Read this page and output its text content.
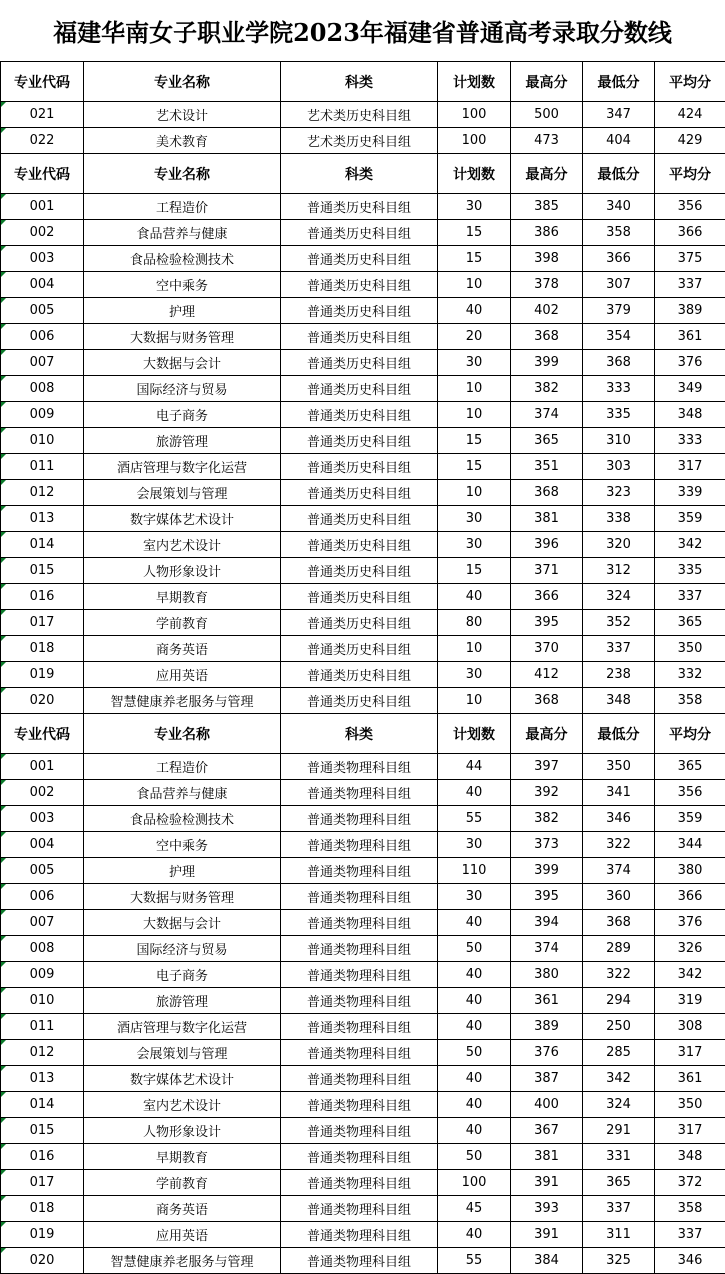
福建华南女子职业学院2023年福建省普通高考录取分数线
专业代码	专业名称	科类	计划数	最高分	最低分	平均分
021	艺术设计	艺术类历史科目组	100	500	347	424
022	美术教育	艺术类历史科目组	100	473	404	429
专业代码	专业名称	科类	计划数	最高分	最低分	平均分
001	工程造价	普通类历史科目组	30	385	340	356
002	食品营养与健康	普通类历史科目组	15	386	358	366
003	食品检验检测技术	普通类历史科目组	15	398	366	375
004	空中乘务	普通类历史科目组	10	378	307	337
005	护理	普通类历史科目组	40	402	379	389
006	大数据与财务管理	普通类历史科目组	20	368	354	361
007	大数据与会计	普通类历史科目组	30	399	368	376
008	国际经济与贸易	普通类历史科目组	10	382	333	349
009	电子商务	普通类历史科目组	10	374	335	348
010	旅游管理	普通类历史科目组	15	365	310	333
011	酒店管理与数字化运营	普通类历史科目组	15	351	303	317
012	会展策划与管理	普通类历史科目组	10	368	323	339
013	数字媒体艺术设计	普通类历史科目组	30	381	338	359
014	室内艺术设计	普通类历史科目组	30	396	320	342
015	人物形象设计	普通类历史科目组	15	371	312	335
016	早期教育	普通类历史科目组	40	366	324	337
017	学前教育	普通类历史科目组	80	395	352	365
018	商务英语	普通类历史科目组	10	370	337	350
019	应用英语	普通类历史科目组	30	412	238	332
020	智慧健康养老服务与管理	普通类历史科目组	10	368	348	358
专业代码	专业名称	科类	计划数	最高分	最低分	平均分
001	工程造价	普通类物理科目组	44	397	350	365
002	食品营养与健康	普通类物理科目组	40	392	341	356
003	食品检验检测技术	普通类物理科目组	55	382	346	359
004	空中乘务	普通类物理科目组	30	373	322	344
005	护理	普通类物理科目组	110	399	374	380
006	大数据与财务管理	普通类物理科目组	30	395	360	366
007	大数据与会计	普通类物理科目组	40	394	368	376
008	国际经济与贸易	普通类物理科目组	50	374	289	326
009	电子商务	普通类物理科目组	40	380	322	342
010	旅游管理	普通类物理科目组	40	361	294	319
011	酒店管理与数字化运营	普通类物理科目组	40	389	250	308
012	会展策划与管理	普通类物理科目组	50	376	285	317
013	数字媒体艺术设计	普通类物理科目组	40	387	342	361
014	室内艺术设计	普通类物理科目组	40	400	324	350
015	人物形象设计	普通类物理科目组	40	367	291	317
016	早期教育	普通类物理科目组	50	381	331	348
017	学前教育	普通类物理科目组	100	391	365	372
018	商务英语	普通类物理科目组	45	393	337	358
019	应用英语	普通类物理科目组	40	391	311	337
020	智慧健康养老服务与管理	普通类物理科目组	55	384	325	346
